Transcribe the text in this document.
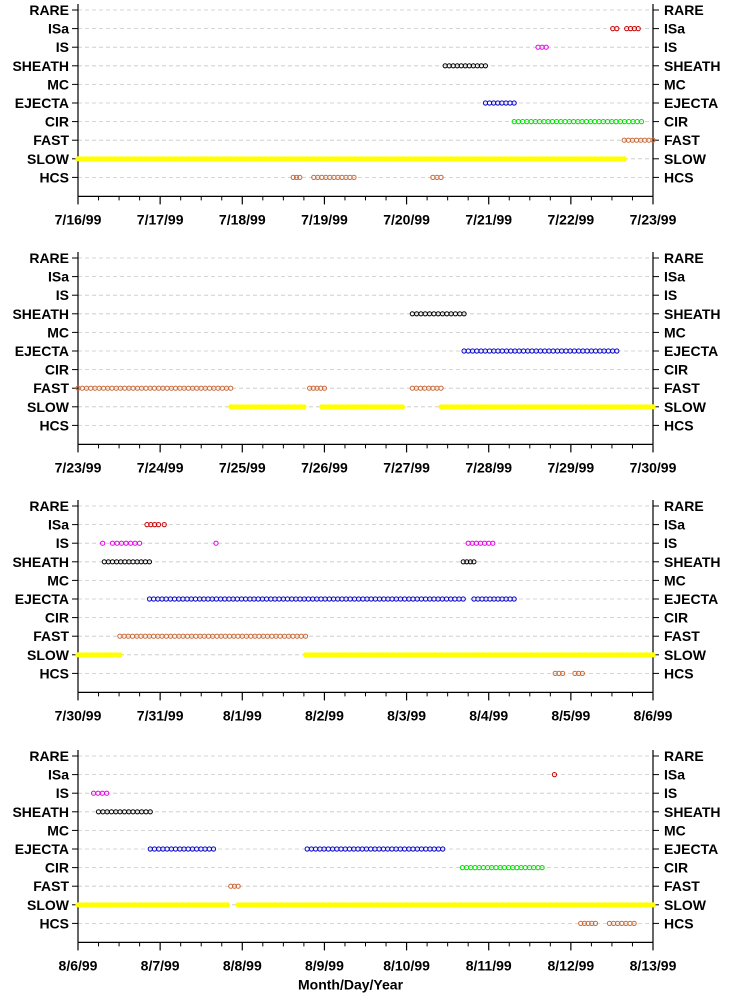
RARE	RARE
ISa	ISa
IS	IS
SHEATH	SHEATH
MC	MC
EJECTA	EJECTA
CIR	CIR
FAST	FAST
SLOW	SLOW
HCS	HCS
7/16/99	7/17/99	7/18/99	7/19/99	7/20/99	7/21/99	7/22/99	7/23/99
RARE	RARE
ISa	ISa
IS	IS
SHEATH	SHEATH
MC	MC
EJECTA	EJECTA
CIR	CIR
FAST	FAST
SLOW	SLOW
HCS	HCS
7/23/99	7/24/99	7/25/99	7/26/99	7/27/99	7/28/99	7/29/99	7/30/99
RARE	RARE
ISa	ISa
IS	IS
SHEATH	SHEATH
MC	MC
EJECTA	EJECTA
CIR	CIR
FAST	FAST
SLOW	SLOW
HCS	HCS
7/30/99	7/31/99	8/1/99	8/2/99	8/3/99	8/4/99	8/5/99	8/6/99
RARE	RARE
ISa	ISa
IS	IS
SHEATH	SHEATH
MC	MC
EJECTA	EJECTA
CIR	CIR
FAST	FAST
SLOW	SLOW
HCS	HCS
8/6/99	8/7/99	8/8/99	8/9/99	8/10/99	8/11/99	8/12/99	8/13/99
Month/Day/Year
